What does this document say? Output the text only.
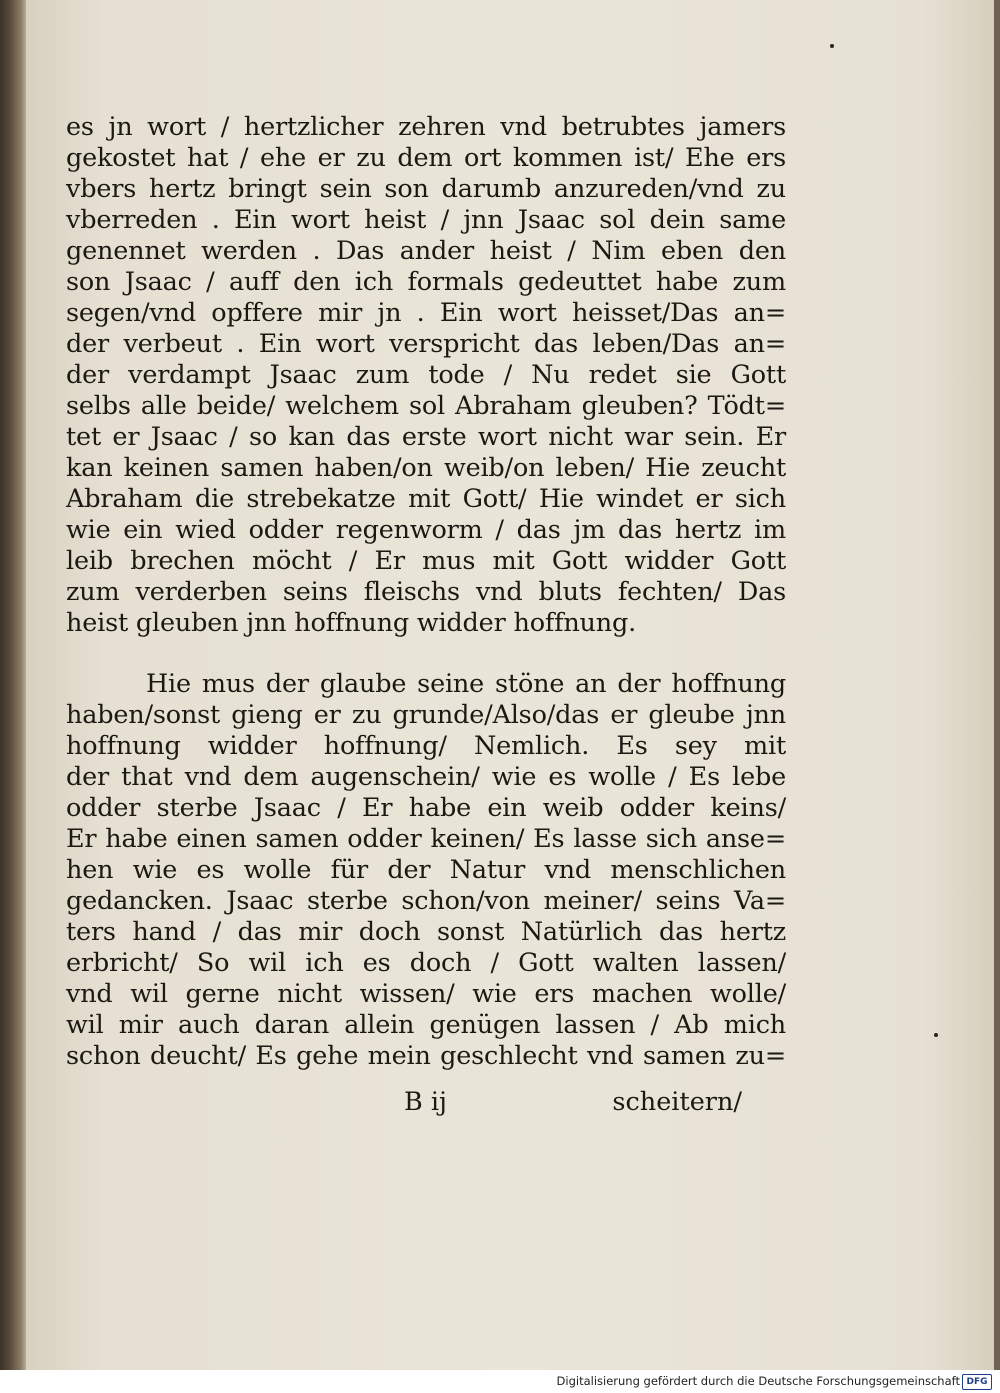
es jn wort / hertzlicher zehren vnd betrubtes jamers
gekostet hat / ehe er zu dem ort kommen ist/ Ehe ers
vbers hertz bringt sein son darumb anzureden/vnd zu
vberreden . Ein wort heist / jnn Jsaac sol dein same
genennet werden . Das ander heist / Nim eben den
son Jsaac / auff den ich formals gedeuttet habe zum
segen/vnd opffere mir jn . Ein wort heisset/Das an=
der verbeut . Ein wort verspricht das leben/Das an=
der verdampt Jsaac zum tode / Nu redet sie Gott
selbs alle beide/ welchem sol Abraham gleuben? Tödt=
tet er Jsaac / so kan das erste wort nicht war sein. Er
kan keinen samen haben/on weib/on leben/ Hie zeucht
Abraham die strebekatze mit Gott/ Hie windet er sich
wie ein wied odder regenworm / das jm das hertz im
leib brechen möcht / Er mus mit Gott widder Gott
zum verderben seins fleischs vnd bluts fechten/ Das
heist gleuben jnn hoffnung widder hoffnung.
Hie mus der glaube seine stöne an der hoffnung
haben/sonst gieng er zu grunde/Also/das er gleube jnn
hoffnung widder hoffnung/ Nemlich. Es sey mit
der that vnd dem augenschein/ wie es wolle / Es lebe
odder sterbe Jsaac / Er habe ein weib odder keins/
Er habe einen samen odder keinen/ Es lasse sich anse=
hen wie es wolle für der Natur vnd menschlichen
gedancken. Jsaac sterbe schon/von meiner/ seins Va=
ters hand / das mir doch sonst Natürlich das hertz
erbricht/ So wil ich es doch / Gott walten lassen/
vnd wil gerne nicht wissen/ wie ers machen wolle/
wil mir auch daran allein genügen lassen / Ab mich
schon deucht/ Es gehe mein geschlecht vnd samen zu=
B ij	scheitern/
Digitalisierung gefördert durch die Deutsche Forschungsgemeinschaft DFG
